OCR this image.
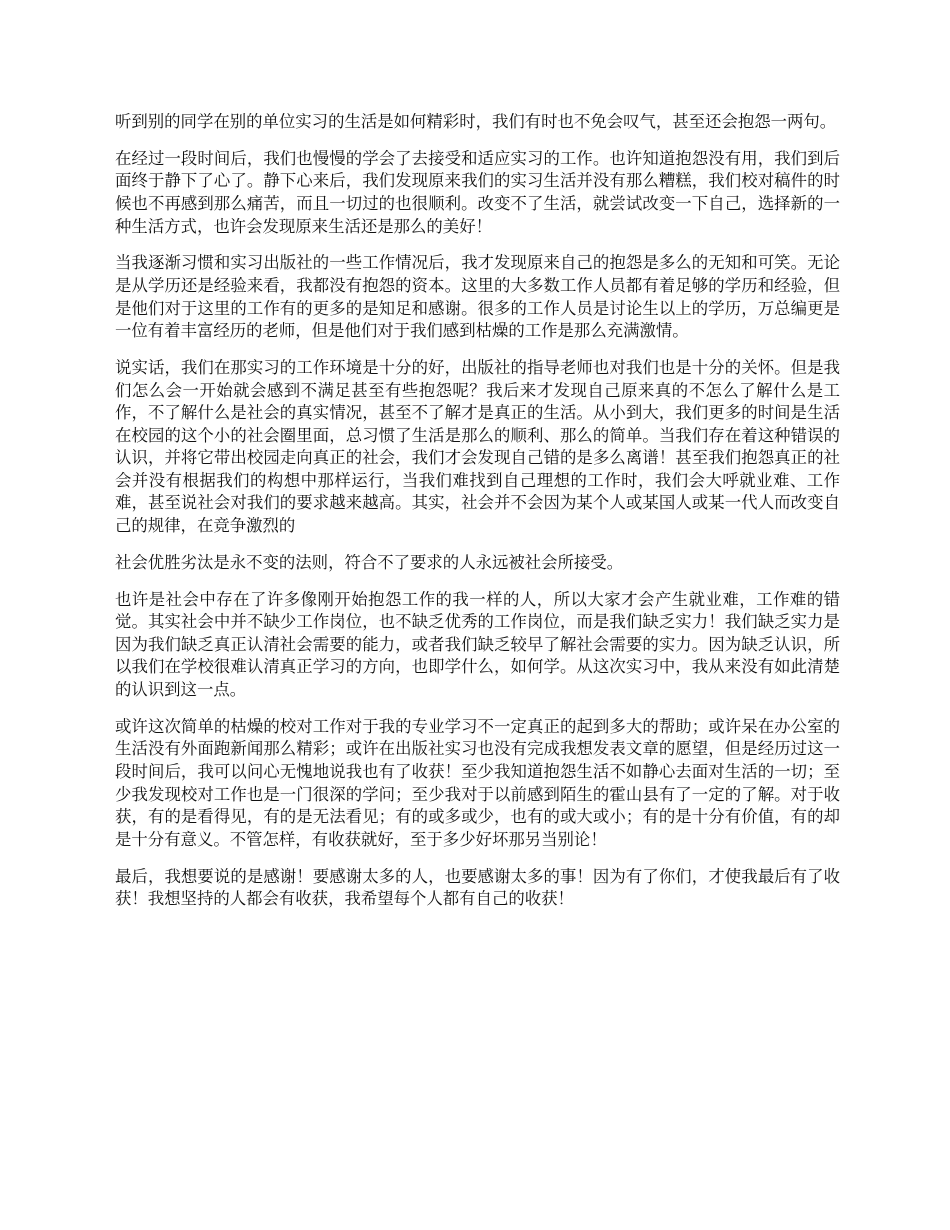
听到别的同学在别的单位实习的生活是如何精彩时，我们有时也不免会叹气，甚至还会抱怨一两句。

在经过一段时间后，我们也慢慢的学会了去接受和适应实习的工作。也许知道抱怨没有用，我们到后面终于静下了心了。静下心来后，我们发现原来我们的实习生活并没有那么糟糕，我们校对稿件的时候也不再感到那么痛苦，而且一切过的也很顺利。改变不了生活，就尝试改变一下自己，选择新的一种生活方式，也许会发现原来生活还是那么的美好！

当我逐渐习惯和实习出版社的一些工作情况后，我才发现原来自己的抱怨是多么的无知和可笑。无论是从学历还是经验来看，我都没有抱怨的资本。这里的大多数工作人员都有着足够的学历和经验，但是他们对于这里的工作有的更多的是知足和感谢。很多的工作人员是讨论生以上的学历，万总编更是一位有着丰富经历的老师，但是他们对于我们感到枯燥的工作是那么充满激情。

说实话，我们在那实习的工作环境是十分的好，出版社的指导老师也对我们也是十分的关怀。但是我们怎么会一开始就会感到不满足甚至有些抱怨呢？我后来才发现自己原来真的不怎么了解什么是工作，不了解什么是社会的真实情况，甚至不了解才是真正的生活。从小到大，我们更多的时间是生活在校园的这个小的社会圈里面，总习惯了生活是那么的顺利、那么的简单。当我们存在着这种错误的认识，并将它带出校园走向真正的社会，我们才会发现自己错的是多么离谱！甚至我们抱怨真正的社会并没有根据我们的构想中那样运行，当我们难找到自己理想的工作时，我们会大呼就业难、工作难，甚至说社会对我们的要求越来越高。其实，社会并不会因为某个人或某国人或某一代人而改变自己的规律，在竞争激烈的

社会优胜劣汰是永不变的法则，符合不了要求的人永远被社会所接受。

也许是社会中存在了许多像刚开始抱怨工作的我一样的人，所以大家才会产生就业难，工作难的错觉。其实社会中并不缺少工作岗位，也不缺乏优秀的工作岗位，而是我们缺乏实力！我们缺乏实力是因为我们缺乏真正认清社会需要的能力，或者我们缺乏较早了解社会需要的实力。因为缺乏认识，所以我们在学校很难认清真正学习的方向，也即学什么，如何学。从这次实习中，我从来没有如此清楚的认识到这一点。

或许这次简单的枯燥的校对工作对于我的专业学习不一定真正的起到多大的帮助；或许呆在办公室的生活没有外面跑新闻那么精彩；或许在出版社实习也没有完成我想发表文章的愿望，但是经历过这一段时间后，我可以问心无愧地说我也有了收获！至少我知道抱怨生活不如静心去面对生活的一切；至少我发现校对工作也是一门很深的学问；至少我对于以前感到陌生的霍山县有了一定的了解。对于收获，有的是看得见，有的是无法看见；有的或多或少，也有的或大或小；有的是十分有价值，有的却是十分有意义。不管怎样，有收获就好，至于多少好坏那另当别论！

最后，我想要说的是感谢！要感谢太多的人，也要感谢太多的事！因为有了你们，才使我最后有了收获！我想坚持的人都会有收获，我希望每个人都有自己的收获！
